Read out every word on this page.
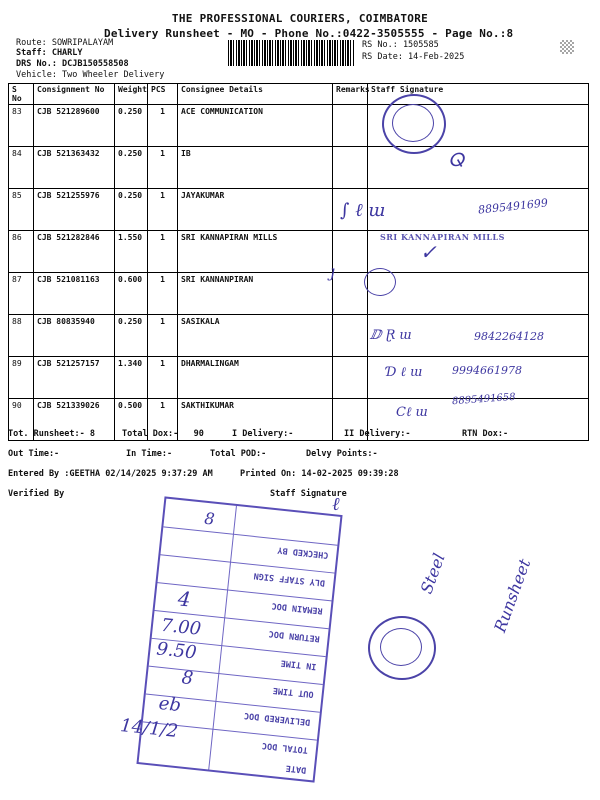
THE PROFESSIONAL COURIERS, COIMBATORE
Delivery Runsheet - MO - Phone No.:0422-3505555 - Page No.:8
Route: SOWRIPALAYAM
Staff: CHARLY
DRS No.: DCJB150558508
Vehicle: Two Wheeler Delivery
RS No.: 1505585
RS Date: 14-Feb-2025
S No	Consignment No	Weight	PCS	Consignee Details	Remarks	Staff Signature
83	CJB 521289600	0.250	1	ACE COMMUNICATION		
84	CJB 521363432	0.250	1	IB		
85	CJB 521255976	0.250	1	JAYAKUMAR		
86	CJB 521282846	1.550	1	SRI KANNAPIRAN MILLS		
87	CJB 521081163	0.600	1	SRI KANNANPIRAN		
88	CJB 80835940	0.250	1	SASIKALA		
89	CJB 521257157	1.340	1	DHARMALINGAM		
90	CJB 521339026	0.500	1	SAKTHIKUMAR		
ⵕ
∫ ℓ ɯ	8895491699
SRI KANNAPIRAN MILLS
✓
ȷ
ⅅ Ɽ ɯ	9842264128
Ɗ ℓ ɯ	9994661978
Cℓ ɯ
8895491658
Tot. Runsheet:- 8	Total Dox:-   90	I Delivery:-	II Delivery:-	RTN Dox:-
Out Time:-	In Time:-	Total POD:-	Delvy Points:-
Entered By :GEETHA 02/14/2025 9:37:29 AM	Printed On: 14-02-2025 09:39:28
Verified By	Staff Signature
ℓ
CHECKED BY
DLY STAFF SIGN
REMAIN DOC
RETURN DOC
IN TIME
OUT TIME
DELIVERED DOC
TOTAL DOC
DATE
8
4
7.00
9.50
8
eb
14/1/2
Steel	Runsheet
